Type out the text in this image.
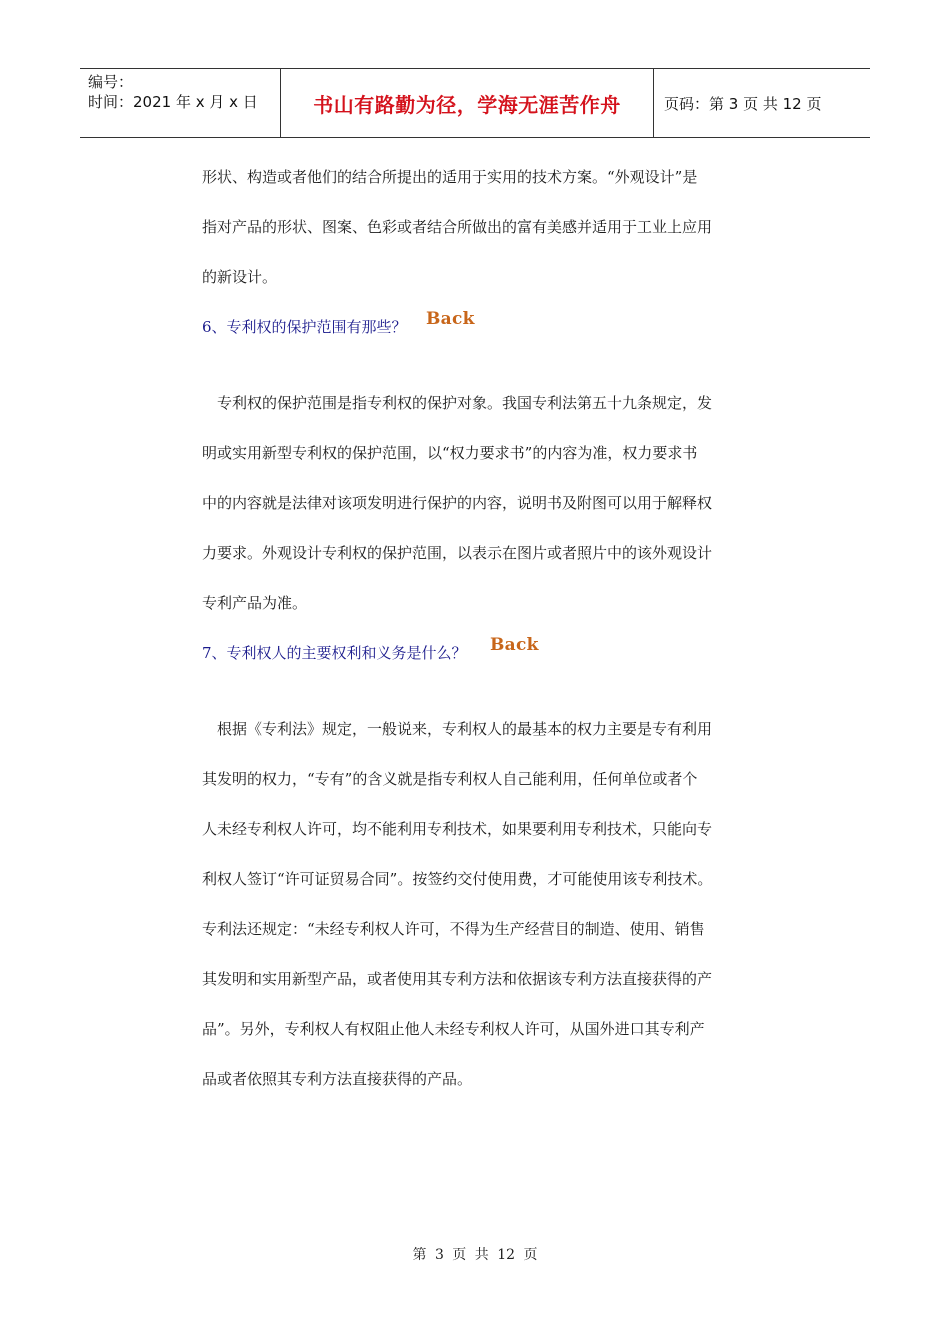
编号：
时间：2021 年 x 月 x 日	书山有路勤为径，学海无涯苦作舟	页码：第 3 页 共 12 页
形状、构造或者他们的结合所提出的适用于实用的技术方案。“外观设计”是
指对产品的形状、图案、色彩或者结合所做出的富有美感并适用于工业上应用
的新设计。
6、专利权的保护范围有那些？ Back
专利权的保护范围是指专利权的保护对象。我国专利法第五十九条规定，发
明或实用新型专利权的保护范围，以“权力要求书”的内容为准，权力要求书
中的内容就是法律对该项发明进行保护的内容，说明书及附图可以用于解释权
力要求。外观设计专利权的保护范围，以表示在图片或者照片中的该外观设计
专利产品为准。
7、专利权人的主要权利和义务是什么？ Back
根据《专利法》规定，一般说来，专利权人的最基本的权力主要是专有利用
其发明的权力，“专有”的含义就是指专利权人自己能利用，任何单位或者个
人未经专利权人许可，均不能利用专利技术，如果要利用专利技术，只能向专
利权人签订“许可证贸易合同”。按签约交付使用费，才可能使用该专利技术。
专利法还规定：“未经专利权人许可，不得为生产经营目的制造、使用、销售
其发明和实用新型产品，或者使用其专利方法和依据该专利方法直接获得的产
品”。另外，专利权人有权阻止他人未经专利权人许可，从国外进口其专利产
品或者依照其专利方法直接获得的产品。
第 3 页 共 12 页
